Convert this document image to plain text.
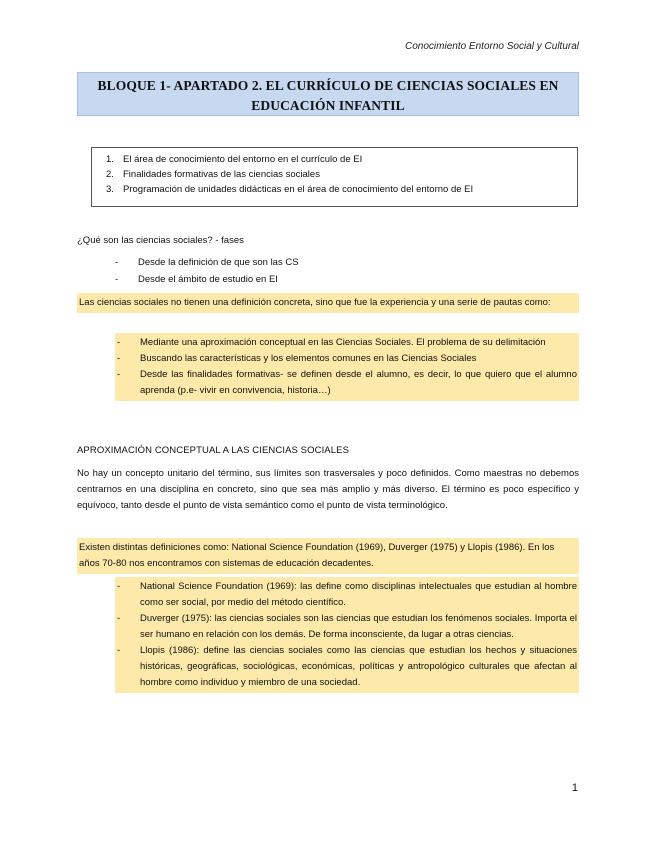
Conocimiento Entorno Social y Cultural
BLOQUE 1- APARTADO 2. EL CURRÍCULO DE CIENCIAS SOCIALES EN
EDUCACIÓN INFANTIL
1. El área de conocimiento del entorno en el currículo de EI
2. Finalidades formativas de las ciencias sociales
3. Programación de unidades didácticas en el área de conocimiento del entorno de EI
¿Qué son las ciencias sociales? - fases
- Desde la definición de que son las CS
- Desde el ámbito de estudio en EI
Las ciencias sociales no tienen una definición concreta, sino que fue la experiencia y una serie de pautas como:
- Mediante una aproximación conceptual en las Ciencias Sociales. El problema de su delimitación
- Buscando las características y los elementos comunes en las Ciencias Sociales
- Desde las finalidades formativas- se definen desde el alumno, es decir, lo que quiero que el alumno aprenda (p.e- vivir en convivencia, historia…)
APROXIMACIÓN CONCEPTUAL A LAS CIENCIAS SOCIALES
No hay un concepto unitario del término, sus límites son trasversales y poco definidos. Como maestras no debemos centrarnos en una disciplina en concreto, sino que sea más amplio y más diverso. El término es poco específico y equívoco, tanto desde el punto de vista semántico como el punto de vista terminológico.
Existen distintas definiciones como: National Science Foundation (1969), Duverger (1975) y Llopis (1986). En los años 70-80 nos encontramos con sistemas de educación decadentes.
- National Science Foundation (1969): las define como disciplinas intelectuales que estudian al hombre como ser social, por medio del método científico.
- Duverger (1975): las ciencias sociales son las ciencias que estudian los fenómenos sociales. Importa el ser humano en relación con los demás. De forma inconsciente, da lugar a otras ciencias.
- Llopis (1986): define las ciencias sociales como las ciencias que estudian los hechos y situaciones históricas, geográficas, sociológicas, económicas, políticas y antropológico culturales que afectan al hombre como individuo y miembro de una sociedad.
1
